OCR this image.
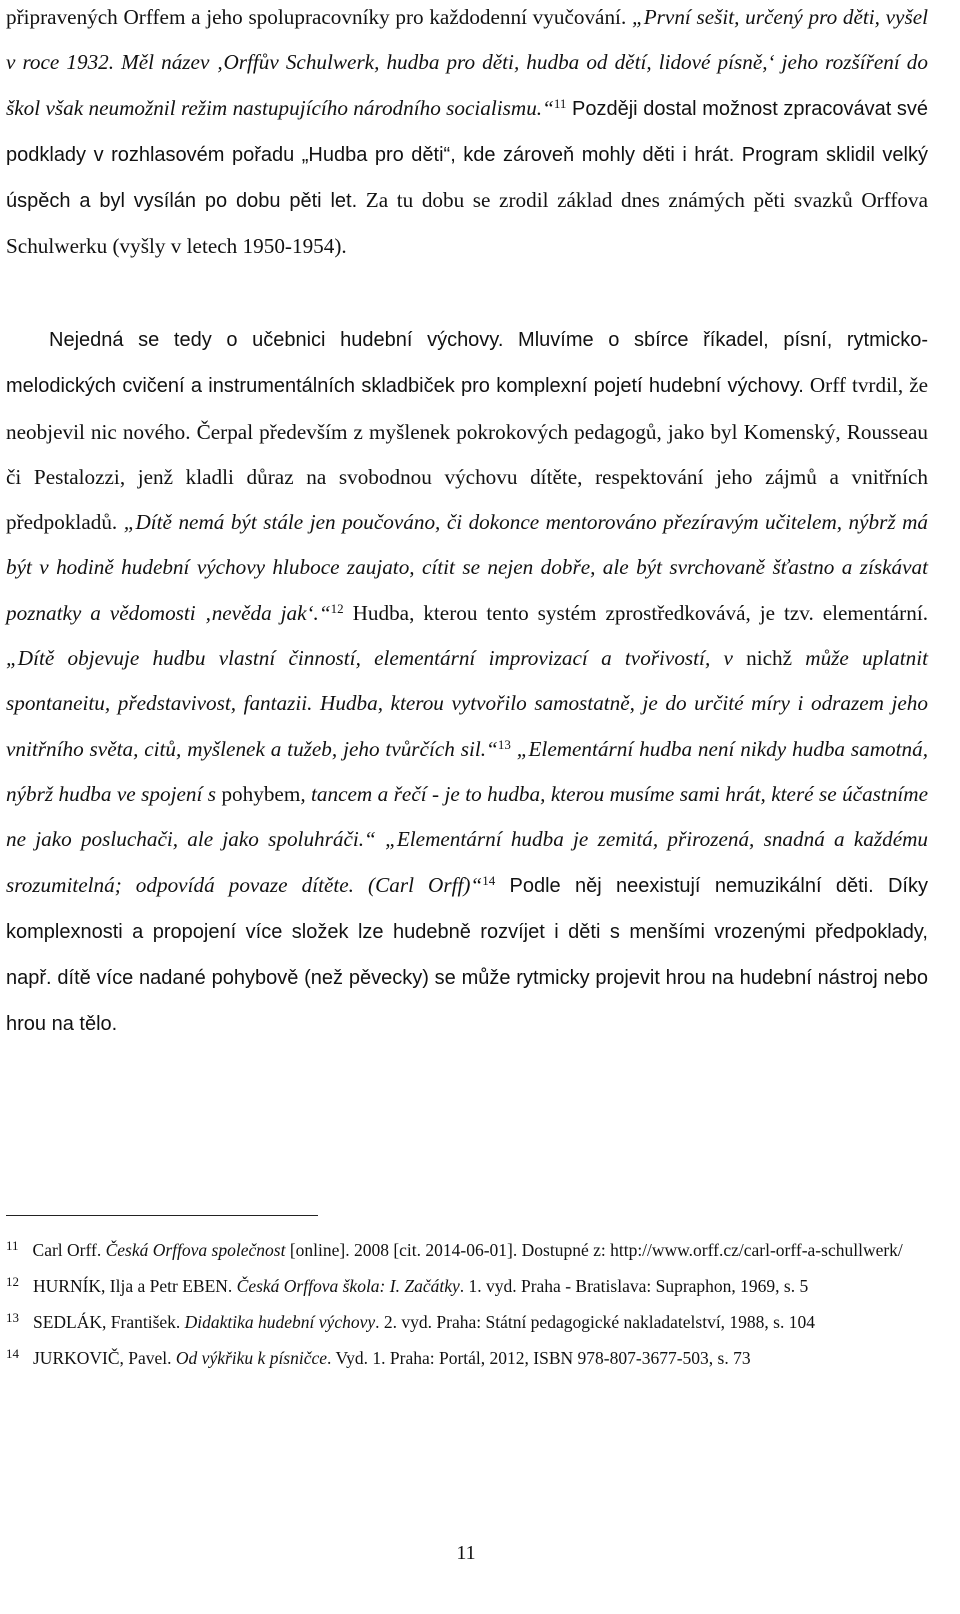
připravených Orffem a jeho spolupracovníky pro každodenní vyučování. „První sešit, určený pro děti, vyšel v roce 1932. Měl název ‚Orffův Schulwerk, hudba pro děti, hudba od dětí, lidové písně,‘ jeho rozšíření do škol však neumožnil režim nastupujícího národního socialismu.“$^{11}$ Později dostal možnost zpracovávat své podklady v rozhlasovém pořadu „Hudba pro děti“, kde zároveň mohly děti i hrát. Program sklidil velký úspěch a byl vysílán po dobu pěti let. Za tu dobu se zrodil základ dnes známých pěti svazků Orffova Schulwerku (vyšly v letech 1950-1954).
Nejedná se tedy o učebnici hudební výchovy. Mluvíme o sbírce říkadel, písní, rytmicko-melodických cvičení a instrumentálních skladbiček pro komplexní pojetí hudební výchovy. Orff tvrdil, že neobjevil nic nového. Čerpal především z myšlenek pokrokových pedagogů, jako byl Komenský, Rousseau či Pestalozzi, jenž kladli důraz na svobodnou výchovu dítěte, respektování jeho zájmů a vnitřních předpokladů. „Dítě nemá být stále jen poučováno, či dokonce mentorováno přezíravým učitelem, nýbrž má být v hodině hudební výchovy hluboce zaujato, cítit se nejen dobře, ale být svrchovaně šťastno a získávat poznatky a vědomosti ‚nevěda jak‘.“$^{12}$ Hudba, kterou tento systém zprostředkovává, je tzv. elementární. „Dítě objevuje hudbu vlastní činností, elementární improvizací a tvořivostí, v nichž může uplatnit spontaneitu, představivost, fantazii. Hudba, kterou vytvořilo samostatně, je do určité míry i odrazem jeho vnitřního světa, citů, myšlenek a tužeb, jeho tvůrčích sil.“$^{13}$ „Elementární hudba není nikdy hudba samotná, nýbrž hudba ve spojení s pohybem, tancem a řečí - je to hudba, kterou musíme sami hrát, které se účastníme ne jako posluchači, ale jako spoluhráči.“ „Elementární hudba je zemitá, přirozená, snadná a každému srozumitelná; odpovídá povaze dítěte. (Carl Orff)“$^{14}$ Podle něj neexistují nemuzikální děti. Díky komplexnosti a propojení více složek lze hudebně rozvíjet i děti s menšími vrozenými předpoklady, např. dítě více nadané pohybově (než pěvecky) se může rytmicky projevit hrou na hudební nástroj nebo hrou na tělo.
$^{11}$ Carl Orff. Česká Orffova společnost [online]. 2008 [cit. 2014-06-01]. Dostupné z: http://www.orff.cz/carl-orff-a-schullwerk/
$^{12}$ HURNÍK, Ilja a Petr EBEN. Česká Orffova škola: I. Začátky. 1. vyd. Praha - Bratislava: Supraphon, 1969, s. 5
$^{13}$ SEDLÁK, František. Didaktika hudební výchovy. 2. vyd. Praha: Státní pedagogické nakladatelství, 1988, s. 104
$^{14}$ JURKOVIČ, Pavel. Od výkřiku k písničce. Vyd. 1. Praha: Portál, 2012, ISBN 978-807-3677-503, s. 73
11
